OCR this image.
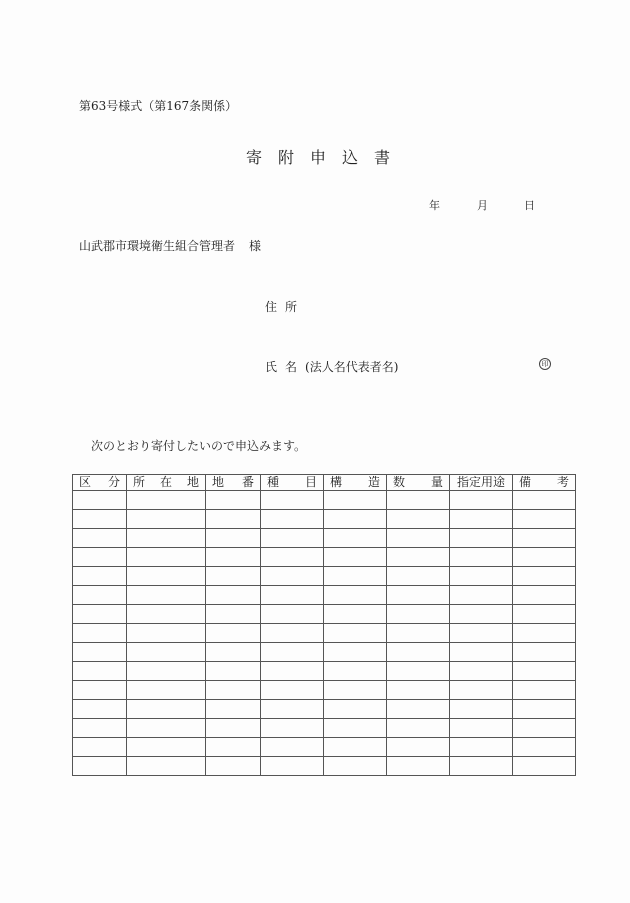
第63号様式（第167条関係）
寄附申込書
年	月	日
山武郡市環境衛生組合管理者 様
住所
氏名(法人名代表者名)	印
次のとおり寄付したいので申込みます。
区 分	所 在 地	地 番	種 目	構 造	数 量	指定用途	備 考
